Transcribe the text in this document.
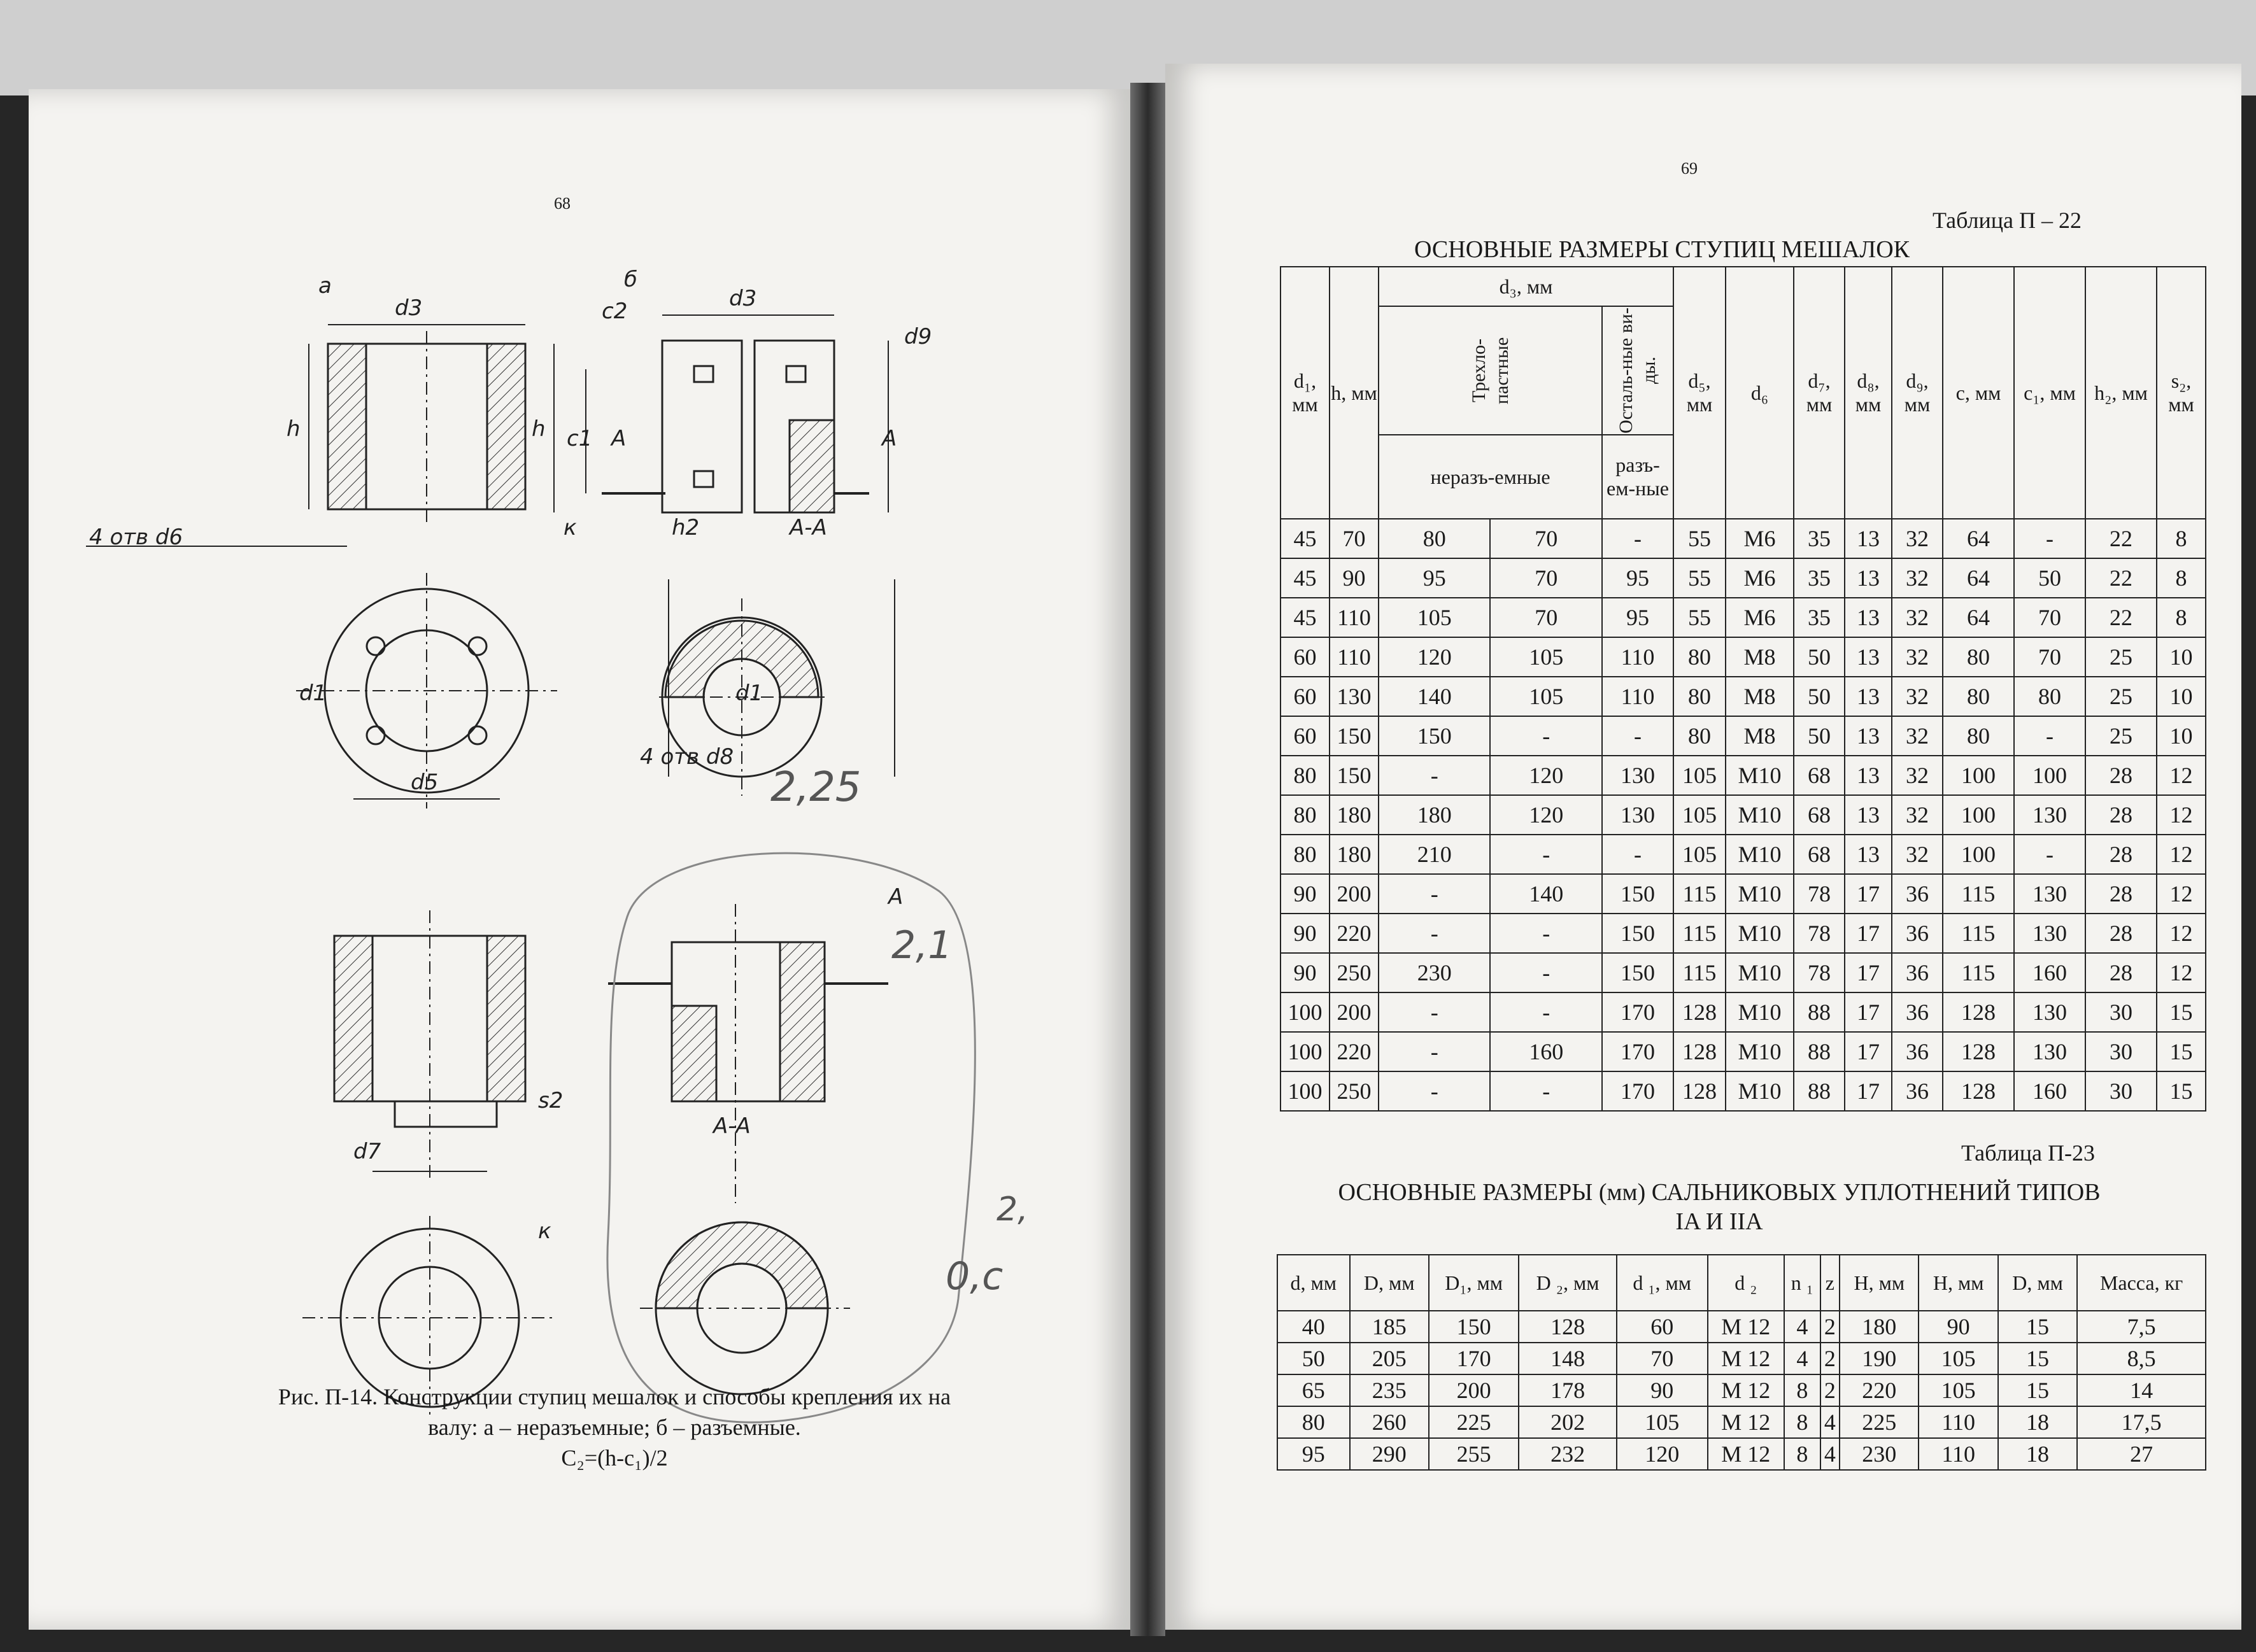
68
a	б
d3	d3
c2
d9
h	h c1 A	A
4 отв d6	к	h2	A-A
d1	d1
4 отв d8
d5
s2
d7
к
A-A
A
2,25
2,1
2,
0,c
Рис. П-14. Конструкции ступиц мешалок и способы крепления их на
валу: а – неразъемные; б – разъемные.
C₂=(h-c₁)/2
69
Таблица П – 22
ОСНОВНЫЕ РАЗМЕРЫ СТУПИЦ МЕШАЛОК
d₁, мм	h, мм	d₃, мм			d₅, мм	d₆	d₇, мм	d₈, мм	d₉, мм	c, мм	c₁, мм	h₂, мм	s₂, мм

		Трехло-пастные		Осталь-ные ви-ды.									

		неразъ-емные		разъ-ем-ные									
45	70	80	70	-	55	M6	35	13	32	64	-	22	8
45	90	95	70	95	55	M6	35	13	32	64	50	22	8
45	110	105	70	95	55	M6	35	13	32	64	70	22	8
60	110	120	105	110	80	M8	50	13	32	80	70	25	10
60	130	140	105	110	80	M8	50	13	32	80	80	25	10
60	150	150	-	-	80	M8	50	13	32	80	-	25	10
80	150	-	120	130	105	M10	68	13	32	100	100	28	12
80	180	180	120	130	105	M10	68	13	32	100	130	28	12
80	180	210	-	-	105	M10	68	13	32	100	-	28	12
90	200	-	140	150	115	M10	78	17	36	115	130	28	12
90	220	-	-	150	115	M10	78	17	36	115	130	28	12
90	250	230	-	150	115	M10	78	17	36	115	160	28	12
100	200	-	-	170	128	M10	88	17	36	128	130	30	15
100	220	-	160	170	128	M10	88	17	36	128	130	30	15
100	250	-	-	170	128	M10	88	17	36	128	160	30	15
Таблица П-23
ОСНОВНЫЕ РАЗМЕРЫ (мм) САЛЬНИКОВЫХ УПЛОТНЕНИЙ ТИПОВ
IA И IIA
d, мм	D, мм	D₁, мм	D ₂, мм	d ₁, мм	d ₂	n ₁	z	H, мм	H, мм	D, мм	Масса, кг
40	185	150	128	60	M 12	4	2	180	90	15	7,5
50	205	170	148	70	M 12	4	2	190	105	15	8,5
65	235	200	178	90	M 12	8	2	220	105	15	14
80	260	225	202	105	M 12	8	4	225	110	18	17,5
95	290	255	232	120	M 12	8	4	230	110	18	27
